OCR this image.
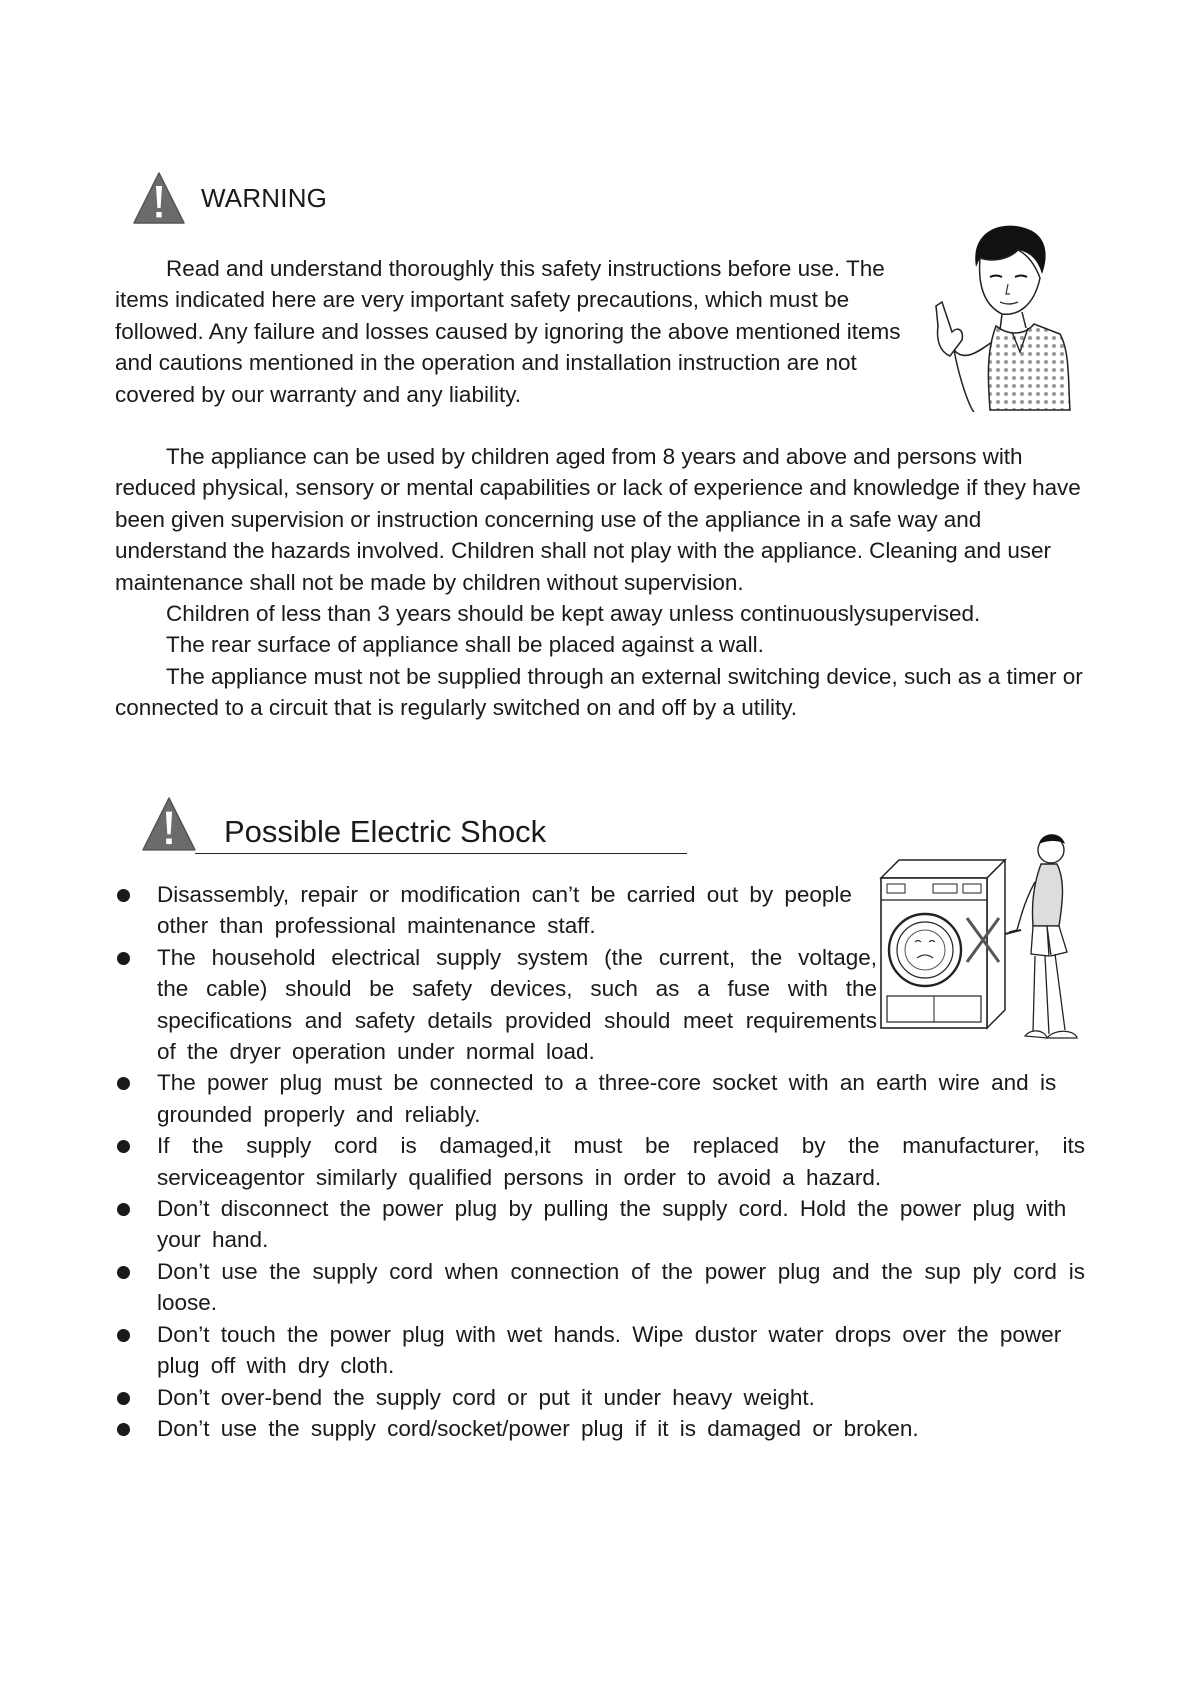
WARNING

Read and understand thoroughly this safety instructions before use. The items indicated here are very important safety precautions, which must be followed. Any failure and losses caused by ignoring the above mentioned items and cautions mentioned in the operation and installation instruction are not covered by our warranty and any liability.

The appliance can be used by children aged from 8 years and above and persons with reduced physical, sensory or mental capabilities or lack of experience and knowledge if they have been given supervision or instruction concerning use of the appliance in a safe way and understand the hazards involved. Children shall not play with the appliance. Cleaning and user maintenance shall not be made by children without supervision.

Children of less than 3 years should be kept away unless continuouslysupervised.

The rear surface of appliance shall be placed against a wall.

The appliance must not be supplied through an external switching device, such as a timer or connected to a circuit that is regularly switched on and off by a utility.

Possible Electric Shock
Disassembly, repair or modification can’t be carried out by people other than professional maintenance staff.
The household electrical supply system (the current, the voltage, the cable) should be safety devices, such as a fuse with the specifications and safety details provided should meet requirements of the dryer operation under normal load.
The power plug must be connected to a three-core socket with an earth wire and is grounded properly and reliably.
If the supply cord is damaged,it must be replaced by the manufacturer, its serviceagentor similarly qualified persons in order to avoid a hazard.
Don’t disconnect the power plug by pulling the supply cord. Hold the power plug with your hand.
Don’t use the supply cord when connection of the power plug and the sup ply cord is loose.
Don’t touch the power plug with wet hands. Wipe dustor water drops over the power plug off with dry cloth.
Don’t over-bend the supply cord or put it under heavy weight.
Don’t use the supply cord/socket/power plug if it is damaged or broken.
